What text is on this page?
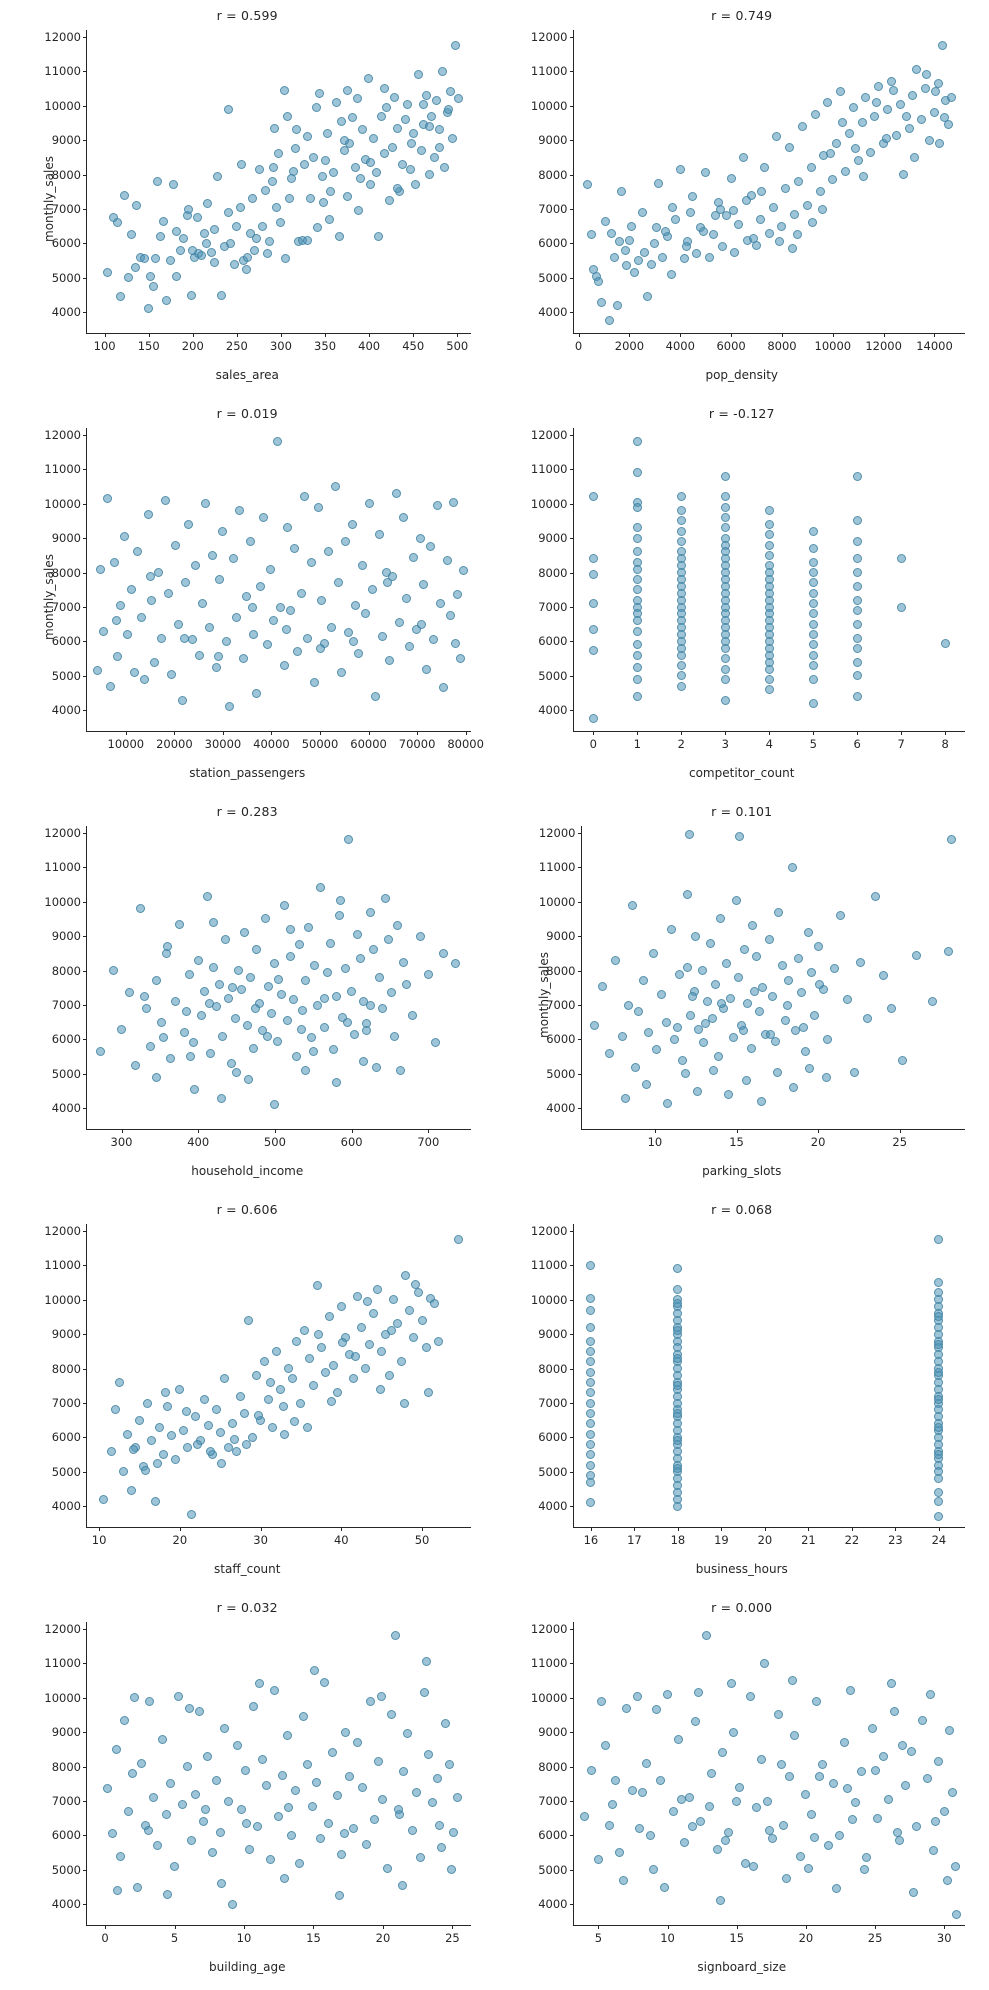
r = 0.599
monthly_sales
sales_area
100 150 200 250 300 350 400 450 500
4000
5000
6000
7000
8000
9000
10000
11000
12000
r = 0.749
pop_density
0	2000 4000 6000 8000 10000 12000 14000
4000
5000
6000
7000
8000
9000
10000
11000
12000
r = 0.019
monthly_sales
station_passengers
10000 20000 30000 40000 50000 60000 70000 80000
4000
5000
6000
7000
8000
9000
10000
11000
12000
r = -0.127
competitor_count
0	1	2	3	4	5	6	7	8
4000
5000
6000
7000
8000
9000
10000
11000
12000
r = 0.283
household_income
300	400	500	600	700
4000
5000
6000
7000
8000
9000
10000
11000
12000
r = 0.101
monthly_sales
parking_slots
10	15	20	25
4000
5000
6000
7000
8000
9000
10000
11000
12000
r = 0.606
staff_count
10	20	30	40	50
4000
5000
6000
7000
8000
9000
10000
11000
12000
r = 0.068
business_hours
16	17	18	19	20	21	22	23	24
4000
5000
6000
7000
8000
9000
10000
11000
12000
r = 0.032
building_age
0	5	10	15	20	25
4000
5000
6000
7000
8000
9000
10000
11000
12000
r = 0.000
signboard_size
5	10	15	20	25	30
4000
5000
6000
7000
8000
9000
10000
11000
12000
